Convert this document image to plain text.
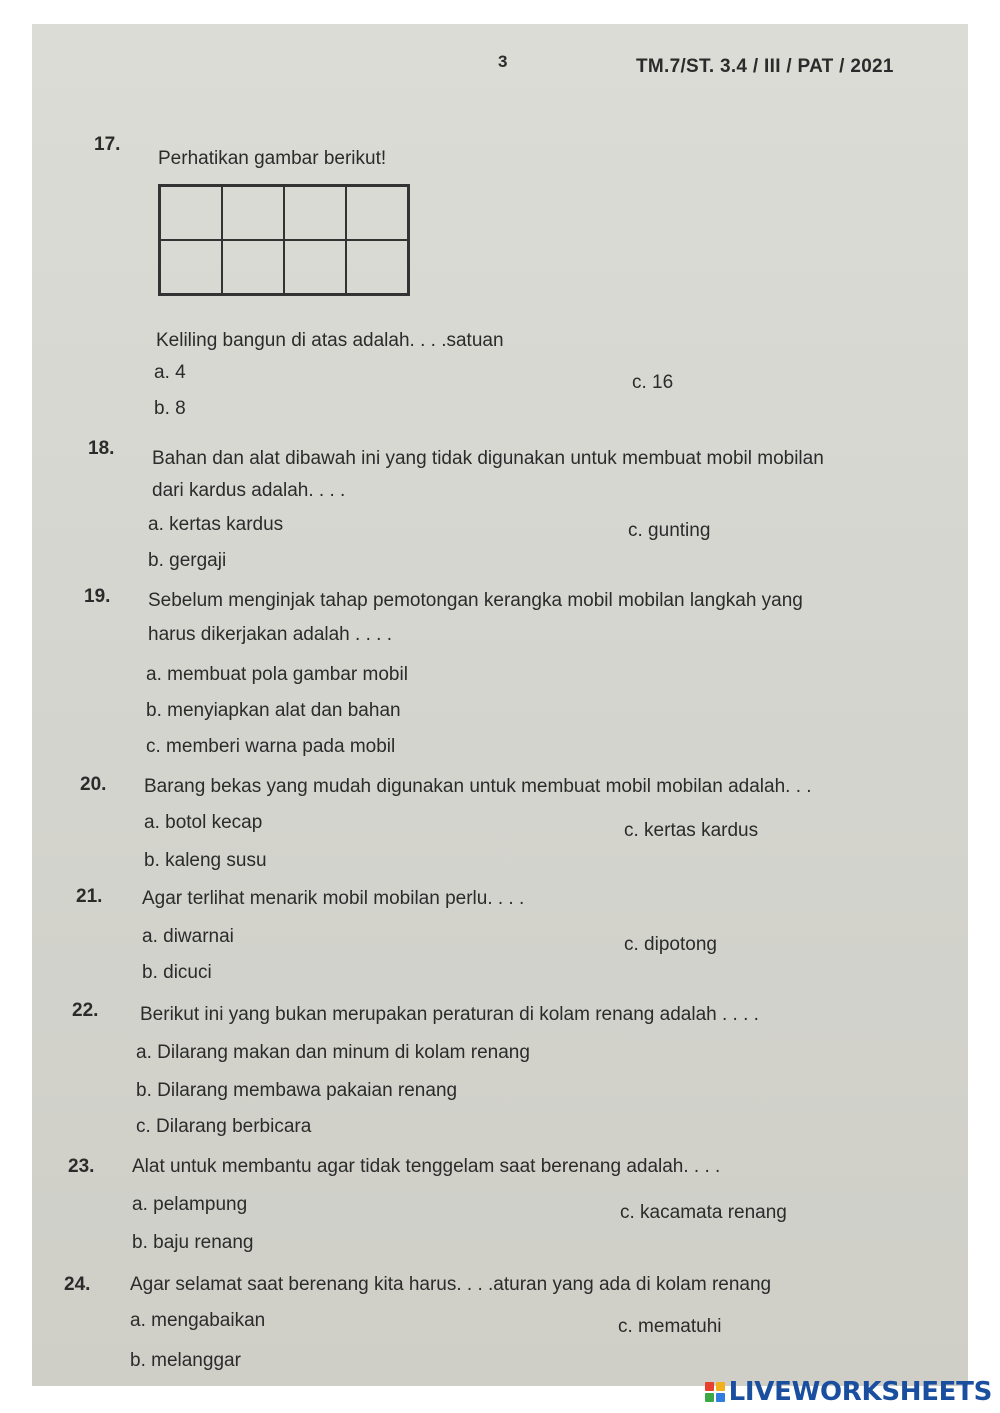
3	TM.7/ST. 3.4 / III / PAT / 2021
17.
Perhatikan gambar berikut!
Keliling bangun di atas adalah. . . .satuan
a. 4	c. 16
b. 8
18. Bahan dan alat dibawah ini yang tidak digunakan untuk membuat mobil mobilan
dari kardus adalah. . . .
a. kertas kardus	c. gunting
b. gergaji
19. Sebelum menginjak tahap pemotongan kerangka mobil mobilan langkah yang
harus dikerjakan adalah . . . .
a. membuat pola gambar mobil
b. menyiapkan alat dan bahan
c. memberi warna pada mobil
20. Barang bekas yang mudah digunakan untuk membuat mobil mobilan adalah. . .
a. botol kecap	c. kertas kardus
b. kaleng susu
21. Agar terlihat menarik mobil mobilan perlu. . . .
a. diwarnai	c. dipotong
b. dicuci
22. Berikut ini yang bukan merupakan peraturan di kolam renang adalah . . . .
a. Dilarang makan dan minum di kolam renang
b. Dilarang membawa pakaian renang
c. Dilarang berbicara
23. Alat untuk membantu agar tidak tenggelam saat berenang adalah. . . .
a. pelampung	c. kacamata renang
b. baju renang
24. Agar selamat saat berenang kita harus. . . .aturan yang ada di kolam renang
a. mengabaikan	c. mematuhi
b. melanggar
LIVEWORKSHEETS
